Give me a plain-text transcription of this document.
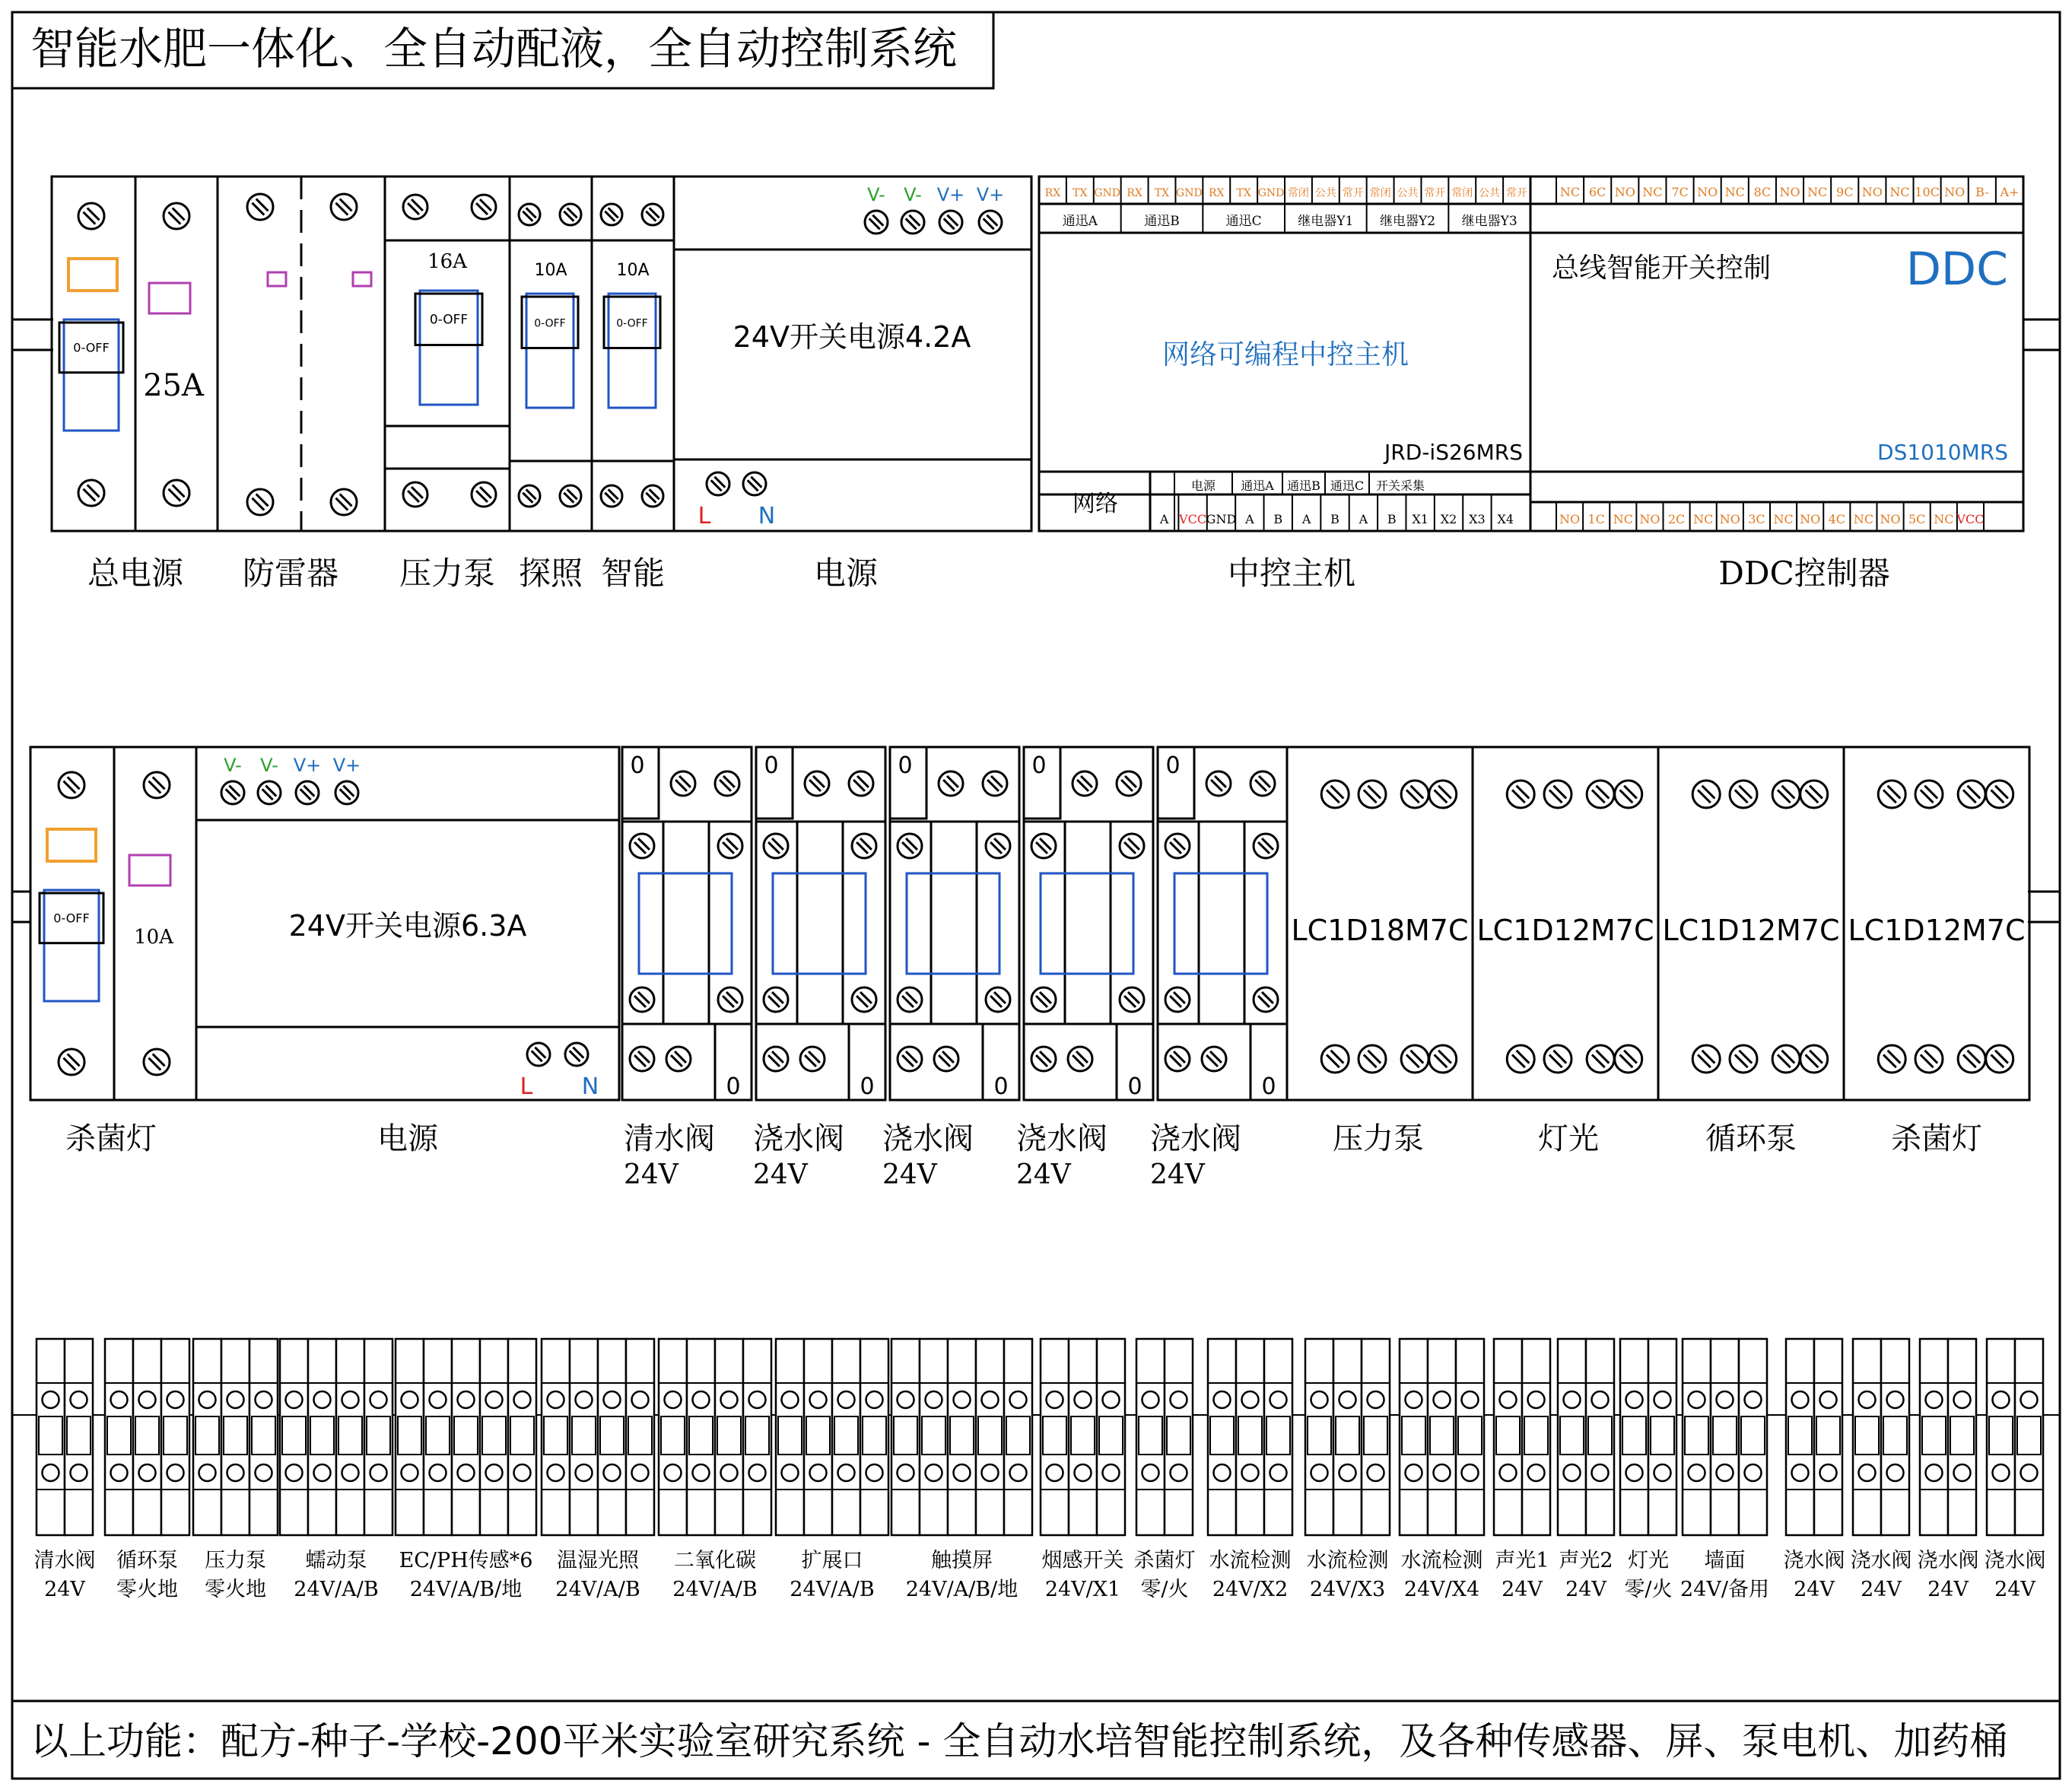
智能水肥一体化、全自动配液，全自动控制系统
以上功能：配方-种子-学校-200平米实验室研究系统 - 全自动水培智能控制系统，及各种传感器、屏、泵电机、加药桶
0-OFF
25A
16A
0-OFF
10A
0-OFF
10A
0-OFF
V- V- V+ V+
24V开关电源4.2A
L N
RX TX GND RX TX GND RX TX GND 常闭 公共 常开 常闭 公共 常开 常闭 公共 常开
通迅A	通迅B	通迅C	继电器Y1 继电器Y2 继电器Y3
网络可编程中控主机
JRD-iS26MRS
网络
电源 通迅A 通迅B 通迅C 开关采集
A VCC GND A B A B A B X1 X2 X3 X4
NC 6C NO NC 7C NO NC 8C NO NC 9C NO NC 10C NO B- A+
总线智能开关控制	DDC
DS1010MRS
NO 1C NC NO 2C NC NO 3C NC NO 4C NC NO 5C NC VCC
总电源 防雷器 压力泵 探照 智能	电源	中控主机	DDC控制器
0-OFF
10A
V- V- V+ V+
24V开关电源6.3A
L N
0
0
0
0
0
0
0
0
0
0
LC1D18M7C LC1D12M7C LC1D12M7C LC1D12M7C
杀菌灯	电源	清水阀
24V
浇水阀
24V
浇水阀
24V
浇水阀
24V
浇水阀
24V
压力泵	灯光	循环泵	杀菌灯
清水阀
24V
循环泵
零火地
压力泵
零火地
蠕动泵
24V/A/B
EC/PH传感*6
24V/A/B/地
温湿光照
24V/A/B
二氧化碳
24V/A/B
扩展口
24V/A/B
触摸屏
24V/A/B/地
烟感开关
24V/X1
杀菌灯
零/火
水流检测
24V/X2
水流检测
24V/X3
水流检测
24V/X4
声光1
24V
声光2
24V
灯光
零/火
墙面
24V/备用
浇水阀
24V
浇水阀
24V
浇水阀
24V
浇水阀
24V
